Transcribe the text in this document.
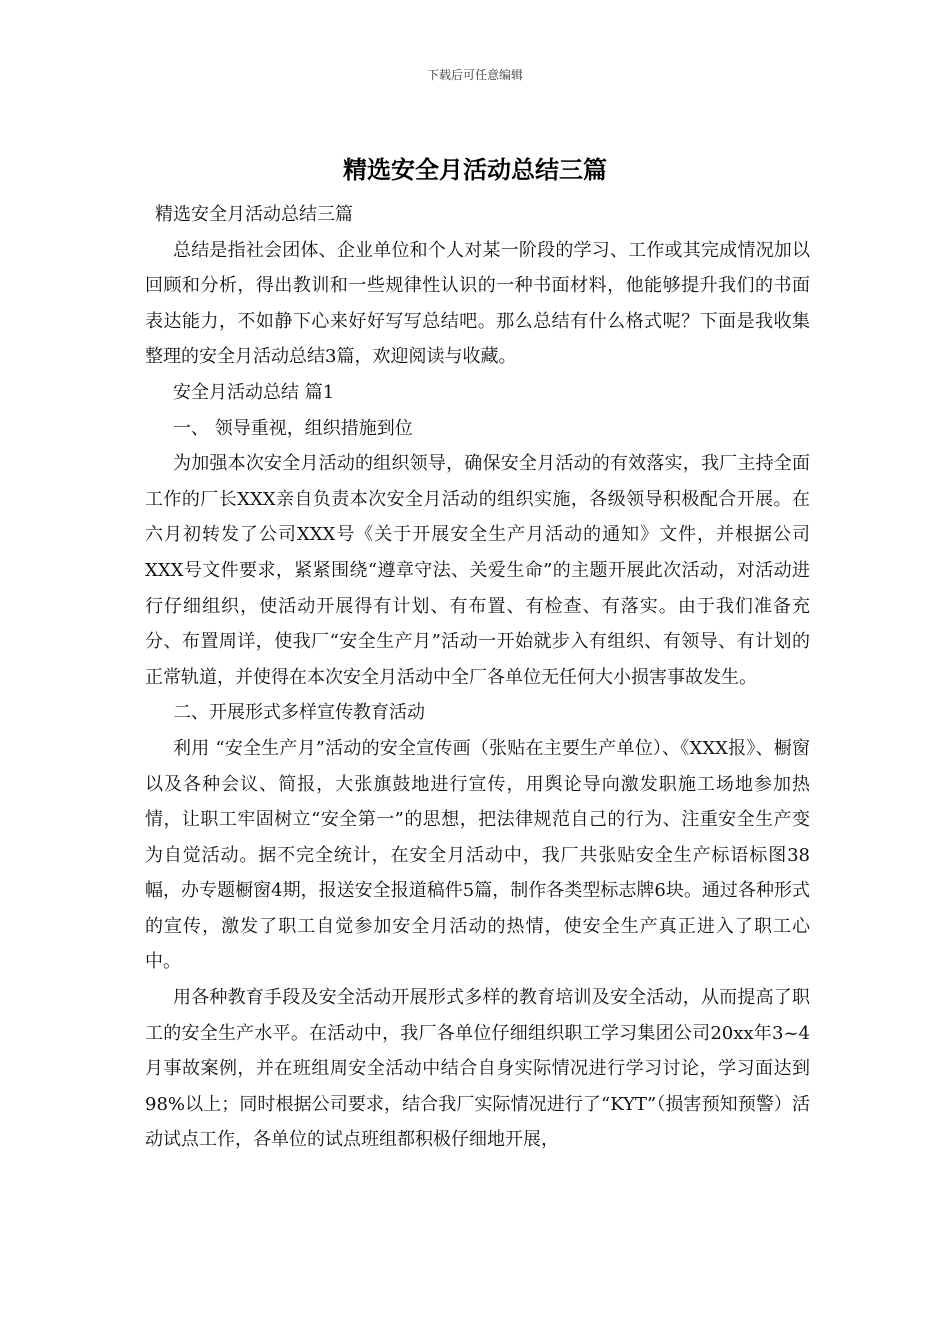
下载后可任意编辑
精选安全月活动总结三篇

精选安全月活动总结三篇

总结是指社会团体、企业单位和个人对某一阶段的学习、工作或其完成情况加以回顾和分析，得出教训和一些规律性认识的一种书面材料，他能够提升我们的书面表达能力，不如静下心来好好写写总结吧。那么总结有什么格式呢？下面是我收集整理的安全月活动总结3篇，欢迎阅读与收藏。

安全月活动总结 篇1

一、 领导重视，组织措施到位

为加强本次安全月活动的组织领导，确保安全月活动的有效落实，我厂主持全面工作的厂长XXX亲自负责本次安全月活动的组织实施，各级领导积极配合开展。在六月初转发了公司XXX号《关于开展安全生产月活动的通知》文件，并根据公司XXX号文件要求，紧紧围绕“遵章守法、关爱生命”的主题开展此次活动，对活动进行仔细组织，使活动开展得有计划、有布置、有检查、有落实。由于我们准备充分、布置周详，使我厂“安全生产月”活动一开始就步入有组织、有领导、有计划的正常轨道，并使得在本次安全月活动中全厂各单位无任何大小损害事故发生。

二、开展形式多样宣传教育活动

利用 “安全生产月”活动的安全宣传画（张贴在主要生产单位）、《XXX报》、橱窗以及各种会议、简报，大张旗鼓地进行宣传，用舆论导向激发职施工场地参加热情，让职工牢固树立“安全第一”的思想，把法律规范自己的行为、注重安全生产变为自觉活动。据不完全统计，在安全月活动中，我厂共张贴安全生产标语标图38幅，办专题橱窗4期，报送安全报道稿件5篇，制作各类型标志牌6块。通过各种形式的宣传，激发了职工自觉参加安全月活动的热情，使安全生产真正进入了职工心中。

用各种教育手段及安全活动开展形式多样的教育培训及安全活动，从而提高了职工的安全生产水平。在活动中，我厂各单位仔细组织职工学习集团公司20xx年3~4月事故案例，并在班组周安全活动中结合自身实际情况进行学习讨论，学习面达到98%以上；同时根据公司要求，结合我厂实际情况进行了“KYT”（损害预知预警）活动试点工作，各单位的试点班组都积极仔细地开展，
